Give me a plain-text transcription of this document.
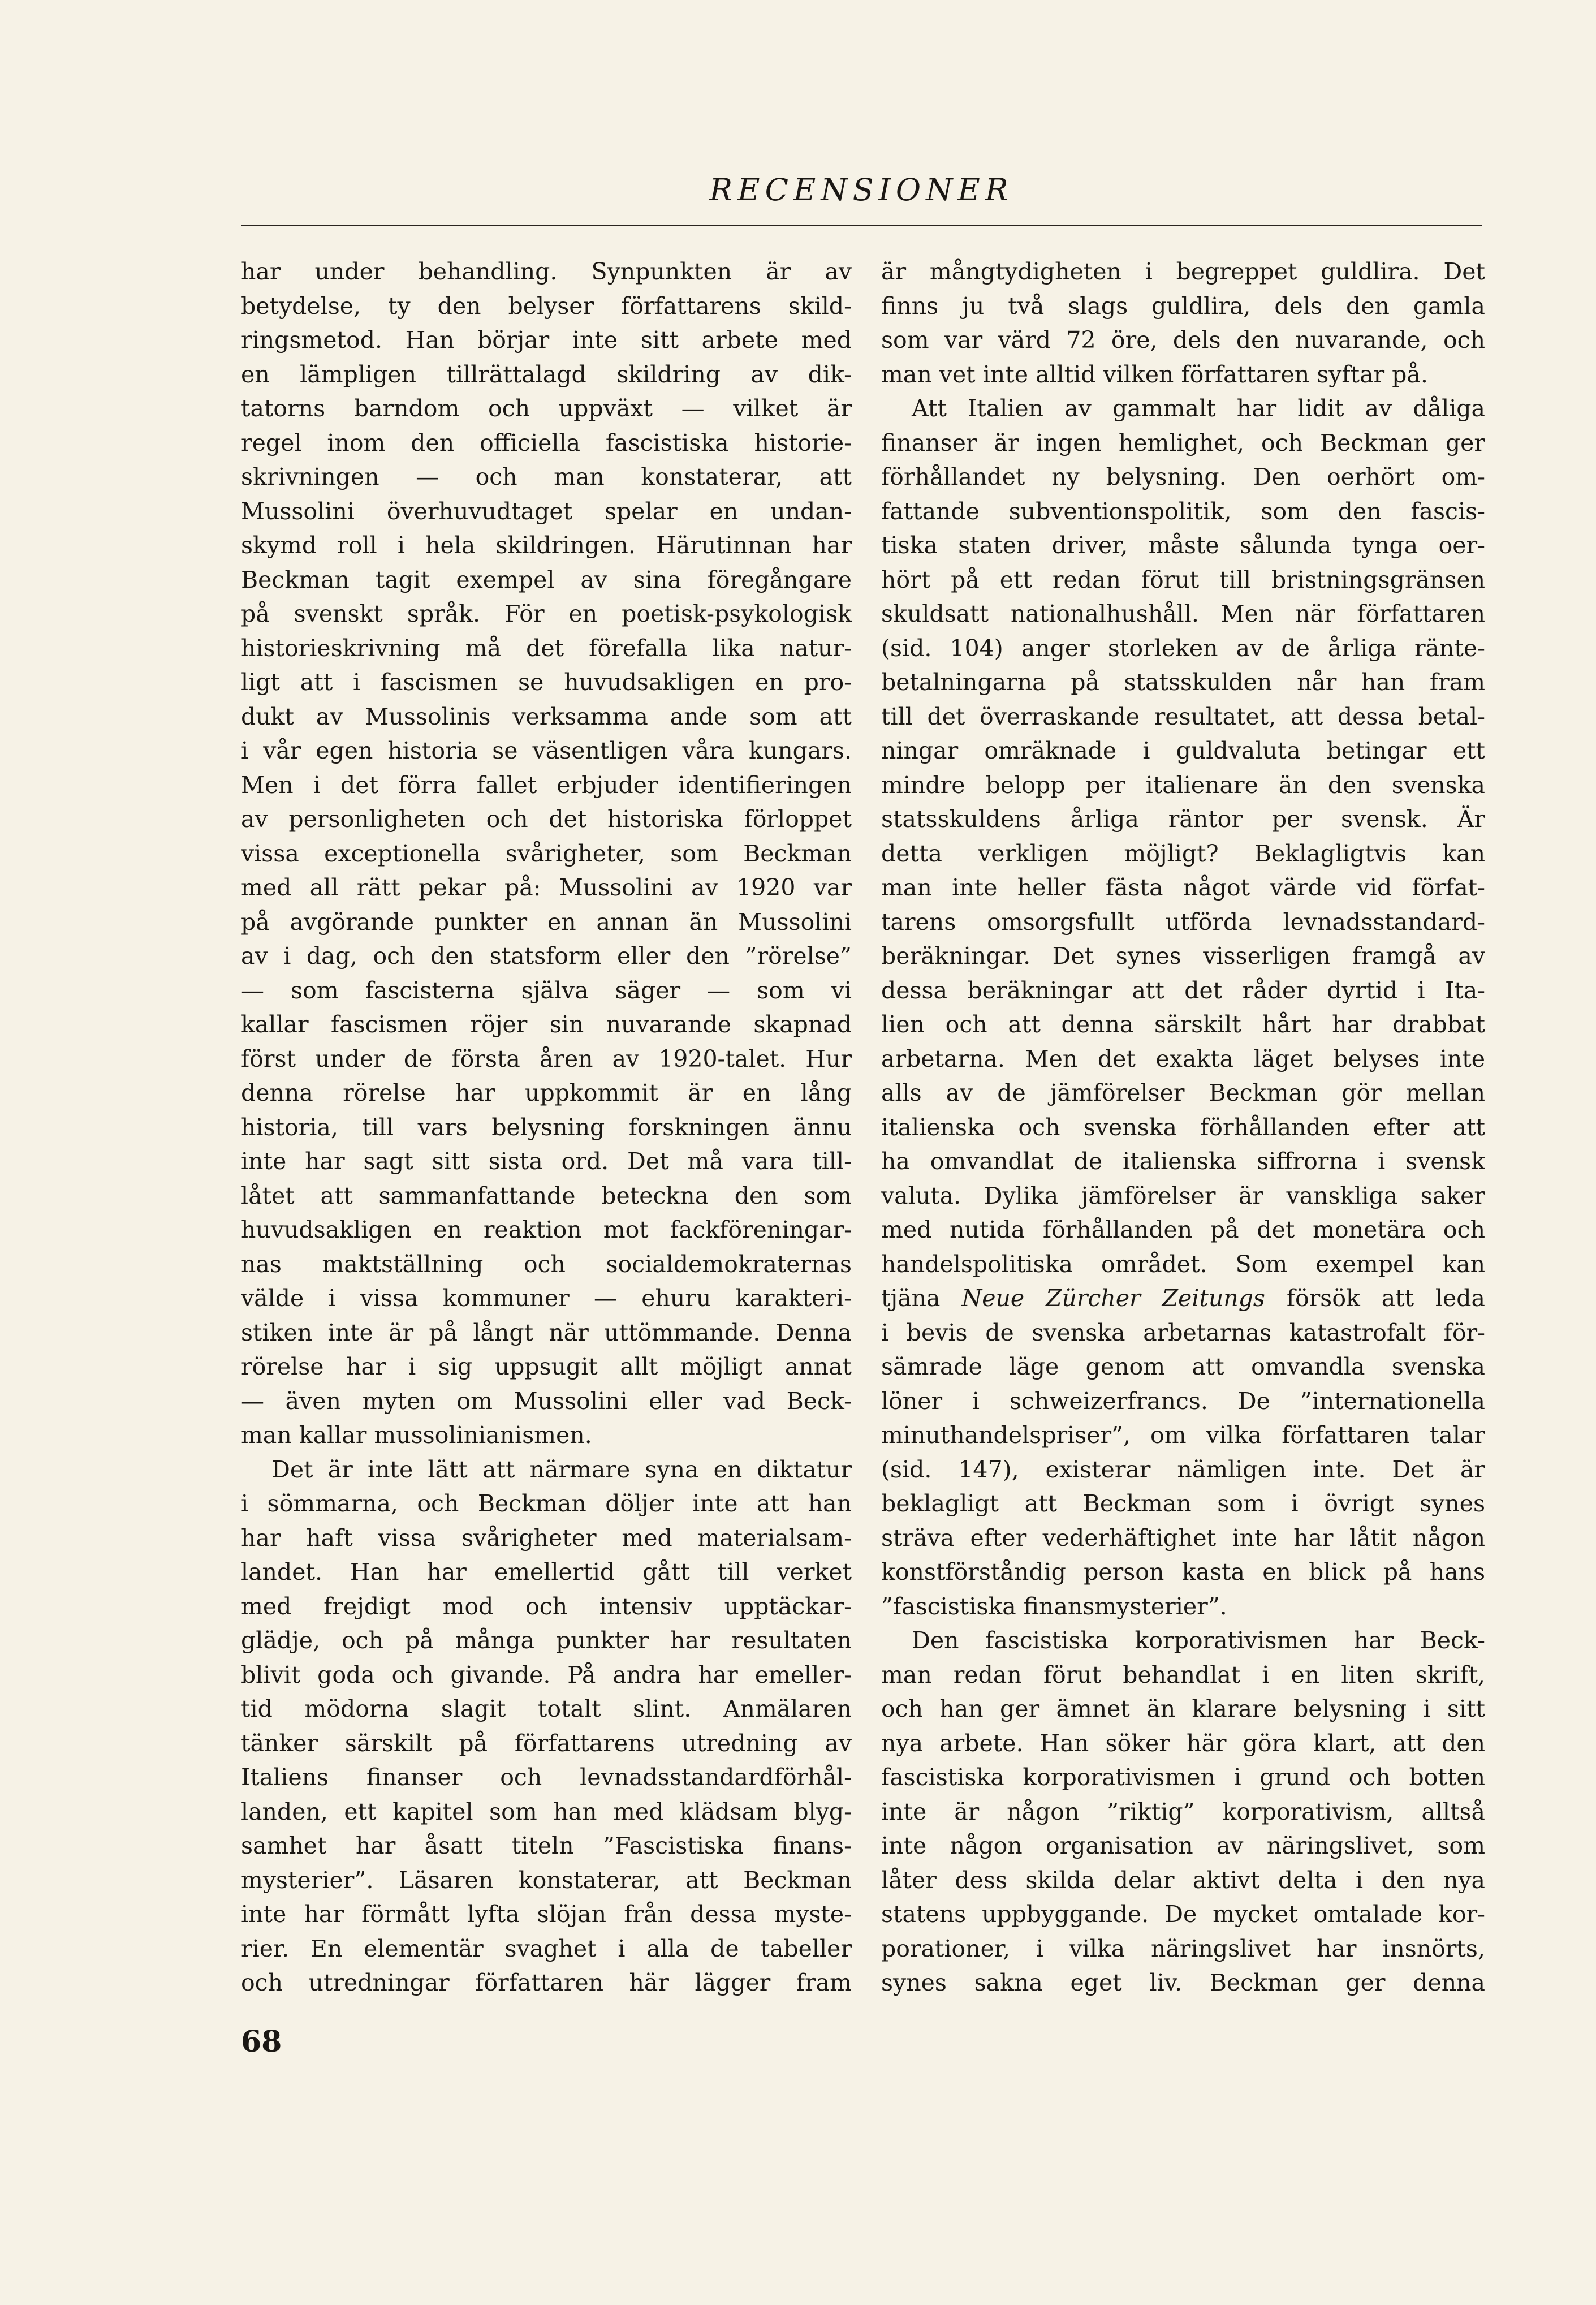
RECENSIONER
har under behandling. Synpunkten är av
betydelse, ty den belyser författarens skild-
ringsmetod. Han börjar inte sitt arbete med
en lämpligen tillrättalagd skildring av dik-
tatorns barndom och uppväxt — vilket är
regel inom den officiella fascistiska historie-
skrivningen — och man konstaterar, att
Mussolini överhuvudtaget spelar en undan-
skymd roll i hela skildringen. Härutinnan har
Beckman tagit exempel av sina föregångare
på svenskt språk. För en poetisk-psykologisk
historieskrivning må det förefalla lika natur-
ligt att i fascismen se huvudsakligen en pro-
dukt av Mussolinis verksamma ande som att
i vår egen historia se väsentligen våra kungars.
Men i det förra fallet erbjuder identifieringen
av personligheten och det historiska förloppet
vissa exceptionella svårigheter, som Beckman
med all rätt pekar på: Mussolini av 1920 var
på avgörande punkter en annan än Mussolini
av i dag, och den statsform eller den ”rörelse”
— som fascisterna själva säger — som vi
kallar fascismen röjer sin nuvarande skapnad
först under de första åren av 1920-talet. Hur
denna rörelse har uppkommit är en lång
historia, till vars belysning forskningen ännu
inte har sagt sitt sista ord. Det må vara till-
låtet att sammanfattande beteckna den som
huvudsakligen en reaktion mot fackföreningar-
nas maktställning och socialdemokraternas
välde i vissa kommuner — ehuru karakteri-
stiken inte är på långt när uttömmande. Denna
rörelse har i sig uppsugit allt möjligt annat
— även myten om Mussolini eller vad Beck-
man kallar mussolinianismen.
Det är inte lätt att närmare syna en diktatur
i sömmarna, och Beckman döljer inte att han
har haft vissa svårigheter med materialsam-
landet. Han har emellertid gått till verket
med frejdigt mod och intensiv upptäckar-
glädje, och på många punkter har resultaten
blivit goda och givande. På andra har emeller-
tid mödorna slagit totalt slint. Anmälaren
tänker särskilt på författarens utredning av
Italiens finanser och levnadsstandardförhål-
landen, ett kapitel som han med klädsam blyg-
samhet har åsatt titeln ”Fascistiska finans-
mysterier”. Läsaren konstaterar, att Beckman
inte har förmått lyfta slöjan från dessa myste-
rier. En elementär svaghet i alla de tabeller
och utredningar författaren här lägger fram
är mångtydigheten i begreppet guldlira. Det
finns ju två slags guldlira, dels den gamla
som var värd 72 öre, dels den nuvarande, och
man vet inte alltid vilken författaren syftar på.
Att Italien av gammalt har lidit av dåliga
finanser är ingen hemlighet, och Beckman ger
förhållandet ny belysning. Den oerhört om-
fattande subventionspolitik, som den fascis-
tiska staten driver, måste sålunda tynga oer-
hört på ett redan förut till bristningsgränsen
skuldsatt nationalhushåll. Men när författaren
(sid. 104) anger storleken av de årliga ränte-
betalningarna på statsskulden når han fram
till det överraskande resultatet, att dessa betal-
ningar omräknade i guldvaluta betingar ett
mindre belopp per italienare än den svenska
statsskuldens årliga räntor per svensk. Är
detta verkligen möjligt? Beklagligtvis kan
man inte heller fästa något värde vid förfat-
tarens omsorgsfullt utförda levnadsstandard-
beräkningar. Det synes visserligen framgå av
dessa beräkningar att det råder dyrtid i Ita-
lien och att denna särskilt hårt har drabbat
arbetarna. Men det exakta läget belyses inte
alls av de jämförelser Beckman gör mellan
italienska och svenska förhållanden efter att
ha omvandlat de italienska siffrorna i svensk
valuta. Dylika jämförelser är vanskliga saker
med nutida förhållanden på det monetära och
handelspolitiska området. Som exempel kan
tjäna Neue Zürcher Zeitungs försök att leda
i bevis de svenska arbetarnas katastrofalt för-
sämrade läge genom att omvandla svenska
löner i schweizerfrancs. De ”internationella
minuthandelspriser”, om vilka författaren talar
(sid. 147), existerar nämligen inte. Det är
beklagligt att Beckman som i övrigt synes
sträva efter vederhäftighet inte har låtit någon
konstförståndig person kasta en blick på hans
”fascistiska finansmysterier”.
Den fascistiska korporativismen har Beck-
man redan förut behandlat i en liten skrift,
och han ger ämnet än klarare belysning i sitt
nya arbete. Han söker här göra klart, att den
fascistiska korporativismen i grund och botten
inte är någon ”riktig” korporativism, alltså
inte någon organisation av näringslivet, som
låter dess skilda delar aktivt delta i den nya
statens uppbyggande. De mycket omtalade kor-
porationer, i vilka näringslivet har insnörts,
synes sakna eget liv. Beckman ger denna
68
